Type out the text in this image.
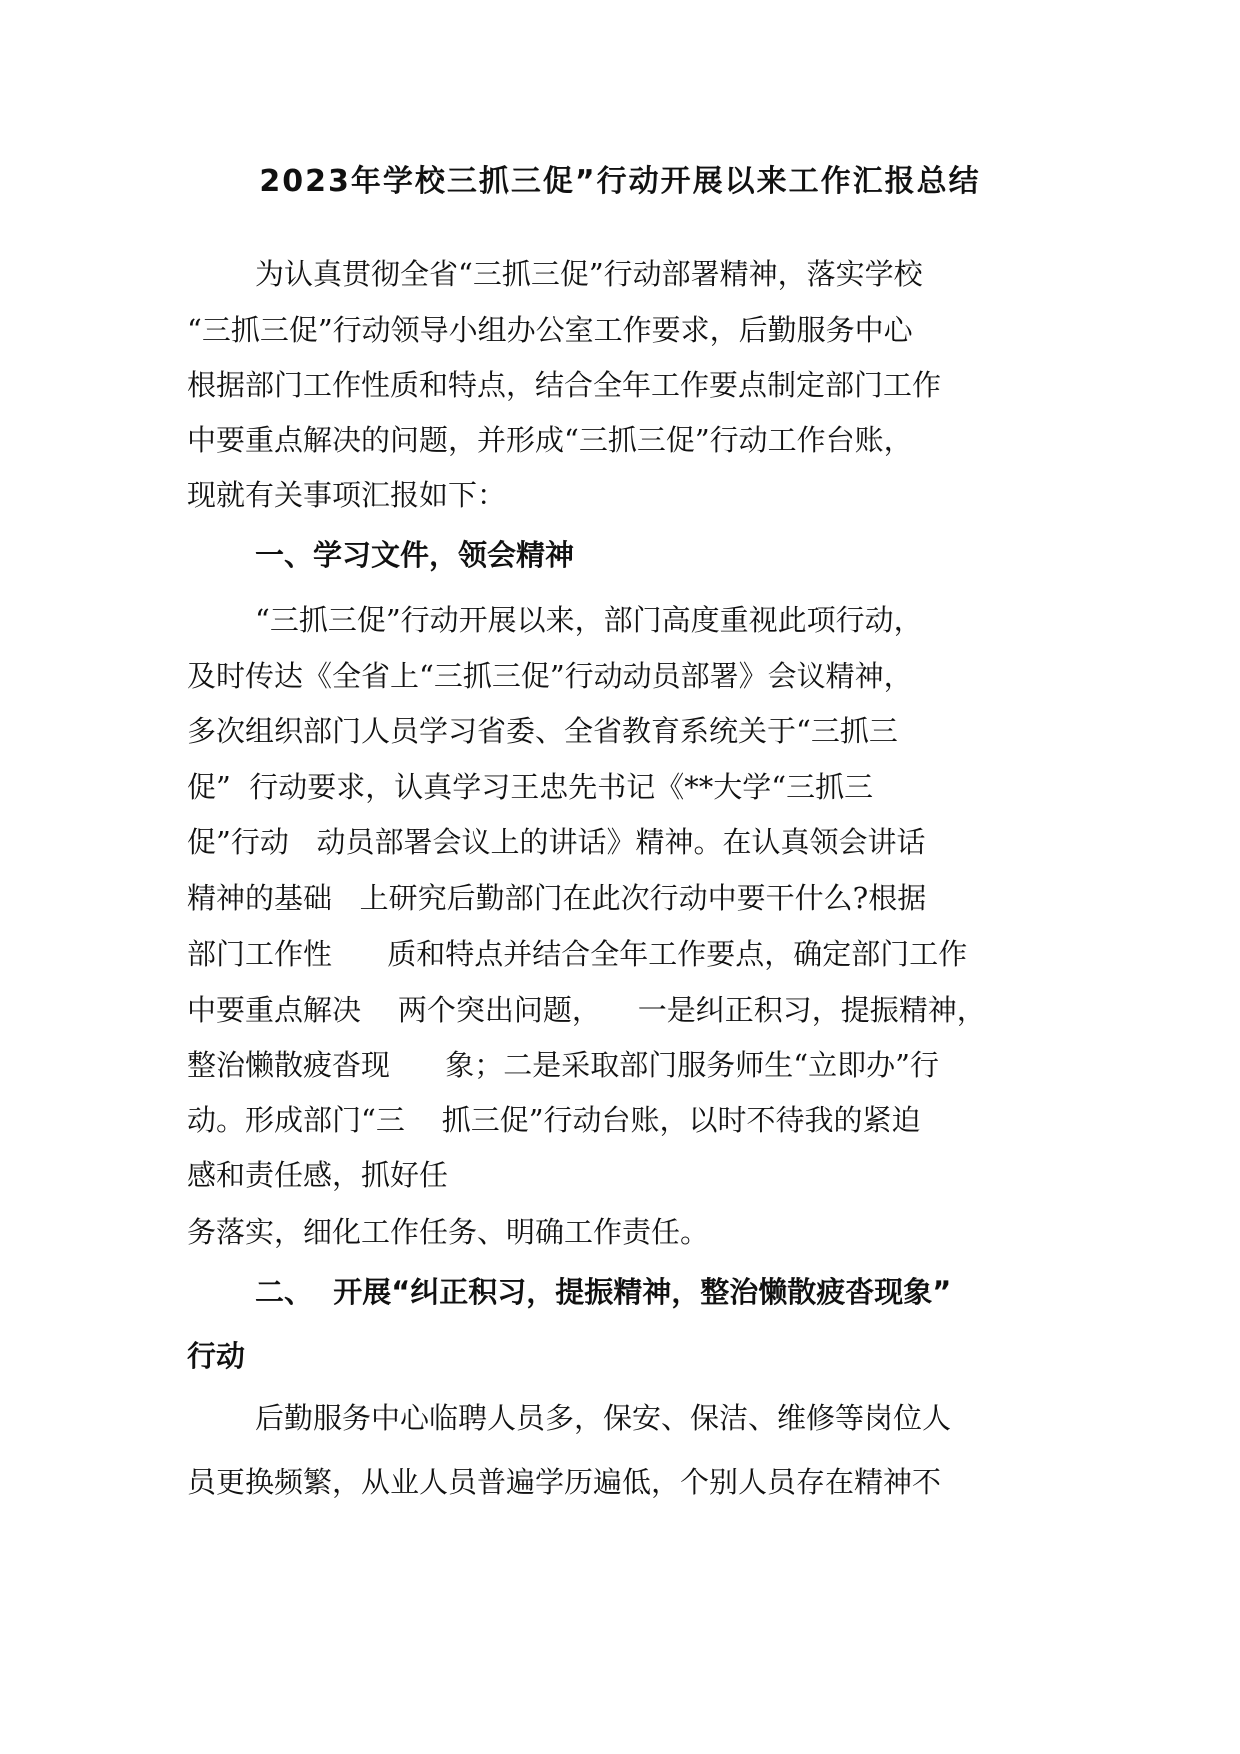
2023年学校三抓三促”行动开展以来工作汇报总结

为认真贯彻全省“三抓三促”行动部署精神，落实学校

“三抓三促”行动领导小组办公室工作要求，后勤服务中心

根据部门工作性质和特点，结合全年工作要点制定部门工作

中要重点解决的问题，并形成“三抓三促”行动工作台账，

现就有关事项汇报如下：

一、学习文件，领会精神

“三抓三促”行动开展以来，部门高度重视此项行动，

及时传达《全省上“三抓三促”行动动员部署》会议精神，

多次组织部门人员学习省委、全省教育系统关于“三抓三

促”  行动要求，认真学习王忠先书记《**大学“三抓三

促”行动   动员部署会议上的讲话》精神。在认真领会讲话

精神的基础   上研究后勤部门在此次行动中要干什么?根据

部门工作性      质和特点并结合全年工作要点，确定部门工作

中要重点解决    两个突出问题，    一是纠正积习，提振精神，

整治懒散疲沓现      象；二是采取部门服务师生“立即办”行

动。形成部门“三    抓三促”行动台账，以时不待我的紧迫

感和责任感，抓好任

务落实，细化工作任务、明确工作责任。

二、  开展“纠正积习，提振精神，整治懒散疲沓现象”

行动

后勤服务中心临聘人员多，保安、保洁、维修等岗位人

员更换频繁，从业人员普遍学历遍低，个别人员存在精神不
